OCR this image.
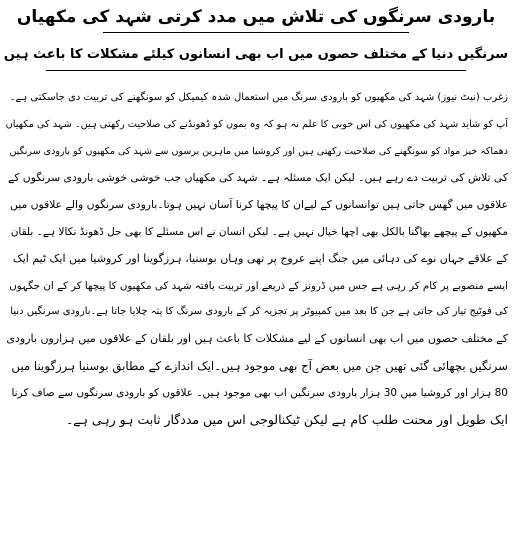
بارودی سرنگوں کی تلاش میں مدد کرتی شہد کی مکھیاں
سرنگیں دنیا کے مختلف حصوں میں اب بھی انسانوں کیلئے مشکلات کا باعث ہیں
زغرب (نیٹ نیوز) شہد کی مکھیوں کو بارودی سرنگ میں استعمال شدہ کیمیکل کو سونگھنے کی تربیت دی جاسکتی ہے۔
آپ کو شاید شہد کی مکھیوں کی اس خوبی کا علم نہ ہو کہ وہ بموں کو ڈھونڈنے کی صلاحیت رکھتی ہیں۔ شہد کی مکھیاں
دھماکہ خیز مواد کو سونگھنے کی صلاحیت رکھتی ہیں اور کروشیا میں ماہرین برسوں سے شہد کی مکھیوں کو بارودی سرنگیں
کی تلاش کی تربیت دے رہے ہیں۔ لیکن ایک مسئلہ ہے۔ شہد کی مکھیاں جب خوشی خوشی بارودی سرنگوں کے
علاقوں میں گھس جاتی ہیں توانسانوں کے لیےان کا پیچھا کرنا آسان نہیں ہوتا۔بارودی سرنگوں والے علاقوں میں
مکھیوں کے پیچھے بھاگنا بالکل بھی اچھا خیال نہیں ہے۔ لیکن انسان نے اس مسئلے کا بھی حل ڈھونڈ نکالا ہے۔ بلقان
کے علاقے جہاں نوے کی دہائی میں جنگ اپنے عروج پر تھی وہاں بوسنیا، ہرزگوینا اور کروشیا میں ایک ٹیم ایک
ایسے منصوبے پر کام کر رہی ہے جس میں ڈرونز کے ذریعے اور تربیت یافتہ شہد کی مکھیوں کا پیچھا کر کے ان جگہوں
کی فوٹیج تیار کی جاتی ہے جن کا بعد میں کمپیوٹر پر تجزیہ کر کے بارودی سرنگ کا پتہ چلایا جاتا ہے۔بارودی سرنگیں دنیا
کے مختلف حصوں میں اب بھی انسانوں کے لیے مشکلات کا باعث ہیں اور بلقان کے علاقوں میں ہزاروں بارودی
سرنگیں بچھائی گئی تھیں جن میں بعض آج بھی موجود ہیں۔ایک اندازے کے مطابق بوسنیا ہرزگوینا میں
80 ہزار اور کروشیا میں 30 ہزار بارودی سرنگیں اب بھی موجود ہیں۔ علاقوں کو بارودی سرنگوں سے صاف کرنا
ایک طویل اور محنت طلب کام ہے لیکن ٹیکنالوجی اس میں مددگار ثابت ہو رہی ہے۔
